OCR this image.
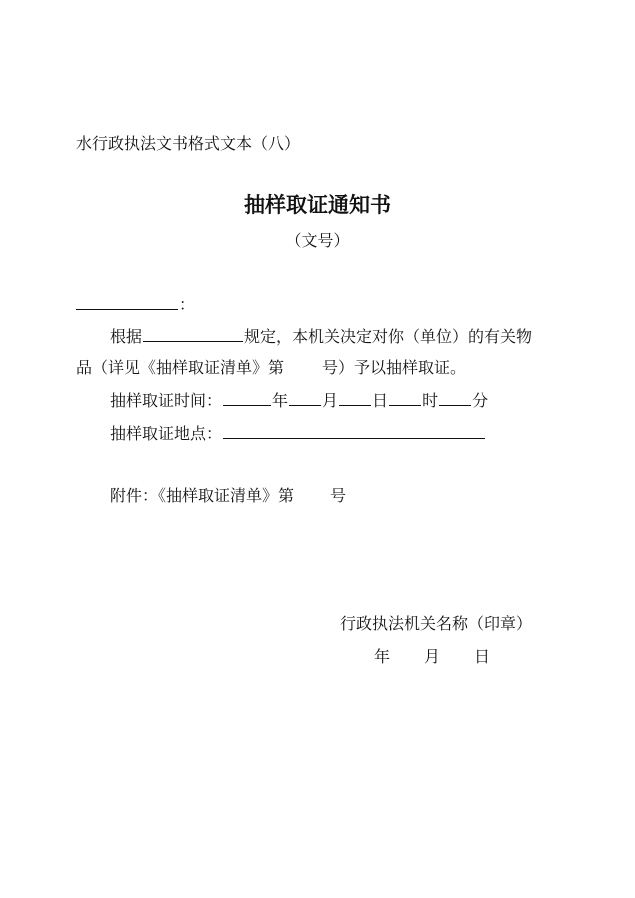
水行政执法文书格式文本（八）
抽样取证通知书
（文号）
：
根据	规定，本机关决定对你（单位）的有关物
品（详见《抽样取证清单》第 号）予以抽样取证。
抽样取证时间：	年 月 日 时 分
抽样取证地点：
附件：《抽样取证清单》第 号
行政执法机关名称（印章）
年 月 日
